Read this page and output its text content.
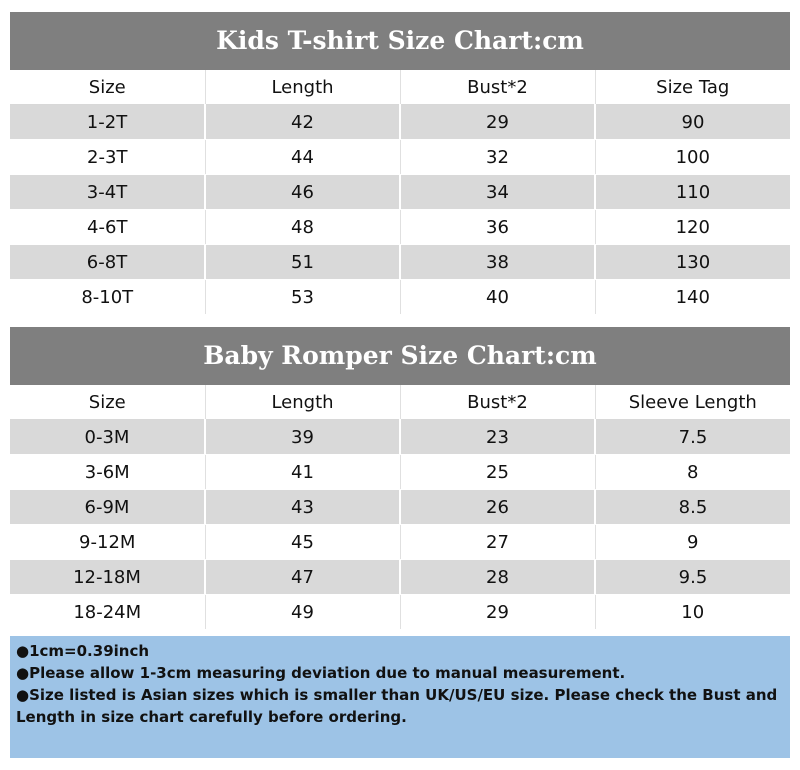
Kids T-shirt Size Chart:cm
Size	Length	Bust*2	Size Tag
1-2T	42	29	90
2-3T	44	32	100
3-4T	46	34	110
4-6T	48	36	120
6-8T	51	38	130
8-10T	53	40	140
Baby Romper Size Chart:cm
Size	Length	Bust*2	Sleeve Length
0-3M	39	23	7.5
3-6M	41	25	8
6-9M	43	26	8.5
9-12M	45	27	9
12-18M	47	28	9.5
18-24M	49	29	10
●1cm=0.39inch
●Please allow 1-3cm measuring deviation due to manual measurement.
●Size listed is Asian sizes which is smaller than UK/US/EU size. Please check the Bust and Length in size chart carefully before ordering.
